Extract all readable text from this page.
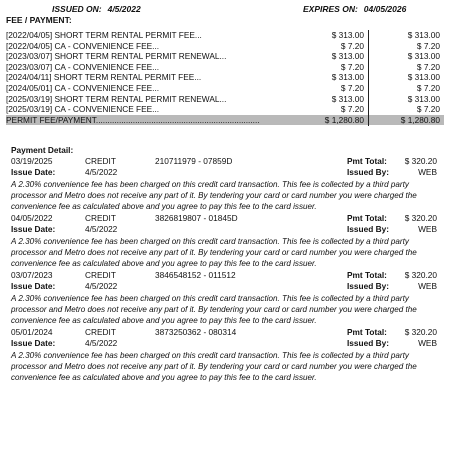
ISSUED ON: 4/5/2022	EXPIRES ON: 04/05/2026
FEE / PAYMENT:
[2022/04/05] SHORT TERM RENTAL PERMIT FEE...	$ 313.00	$ 313.00
[2022/04/05] CA - CONVENIENCE FEE...	$ 7.20	$ 7.20
[2023/03/07] SHORT TERM RENTAL PERMIT RENEWAL...	$ 313.00	$ 313.00
[2023/03/07] CA - CONVENIENCE FEE...	$ 7.20	$ 7.20
[2024/04/11] SHORT TERM RENTAL PERMIT FEE...	$ 313.00	$ 313.00
[2024/05/01] CA - CONVENIENCE FEE...	$ 7.20	$ 7.20
[2025/03/19] SHORT TERM RENTAL PERMIT RENEWAL...	$ 313.00	$ 313.00
[2025/03/19] CA - CONVENIENCE FEE...	$ 7.20	$ 7.20
PERMIT FEE/PAYMENT.......................................................................	$ 1,280.80	$ 1,280.80
Payment Detail:
03/19/2025	CREDIT	210711979 - 07859D	Pmt Total: $ 320.20
Issue Date:	4/5/2022	Issued By:	WEB
A 2.30% convenience fee has been charged on this credit card transaction. This fee is collected by a third party processor and Metro does not receive any part of it. By tendering your card or card number you were charged the convenience fee as calculated above and you agree to pay this fee to the card issuer.
04/05/2022	CREDIT	3826819807 - 01845D	Pmt Total: $ 320.20
Issue Date:	4/5/2022	Issued By:	WEB
A 2.30% convenience fee has been charged on this credit card transaction. This fee is collected by a third party processor and Metro does not receive any part of it. By tendering your card or card number you were charged the convenience fee as calculated above and you agree to pay this fee to the card issuer.
03/07/2023	CREDIT	3846548152 - 011512	Pmt Total: $ 320.20
Issue Date:	4/5/2022	Issued By:	WEB
A 2.30% convenience fee has been charged on this credit card transaction. This fee is collected by a third party processor and Metro does not receive any part of it. By tendering your card or card number you were charged the convenience fee as calculated above and you agree to pay this fee to the card issuer.
05/01/2024	CREDIT	3873250362 - 080314	Pmt Total: $ 320.20
Issue Date:	4/5/2022	Issued By:	WEB
A 2.30% convenience fee has been charged on this credit card transaction. This fee is collected by a third party processor and Metro does not receive any part of it. By tendering your card or card number you were charged the convenience fee as calculated above and you agree to pay this fee to the card issuer.
